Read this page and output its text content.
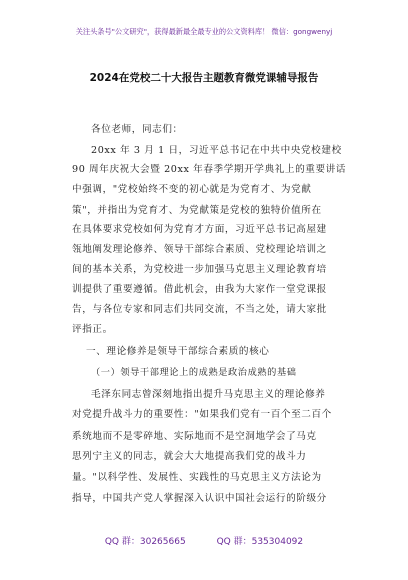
关注头条号"公文研究"，获得最新最全最专业的公文资料库！ 微信：gongwenyj
2024在党校二十大报告主题教育微党课辅导报告
各位老师，同志们：
20xx 年 3 月 1 日，习近平总书记在中共中央党校建校
90 周年庆祝大会暨 20xx 年春季学期开学典礼上的重要讲话
中强调，"党校始终不变的初心就是为党育才、为党献
策"，并指出为党育才、为党献策是党校的独特价值所在
在具体要求党校如何为党育才方面，习近平总书记高屋建
瓴地阐发理论修养、领导干部综合素质、党校理论培训之
间的基本关系，为党校进一步加强马克思主义理论教育培
训提供了重要遵循。借此机会，由我为大家作一堂党课报
告，与各位专家和同志们共同交流，不当之处，请大家批
评指正。
一、理论修养是领导干部综合素质的核心
（一）领导干部理论上的成熟是政治成熟的基础
毛泽东同志曾深刻地指出提升马克思主义的理论修养
对党提升战斗力的重要性："如果我们党有一百个至二百个
系统地而不是零碎地、实际地而不是空洞地学会了马克
思列宁主义的同志，就会大大地提高我们党的战斗力
量。"以科学性、发展性、实践性的马克思主义方法论为
指导，中国共产党人掌握深入认识中国社会运行的阶级分
QQ 群：30265665	QQ 群：535304092
